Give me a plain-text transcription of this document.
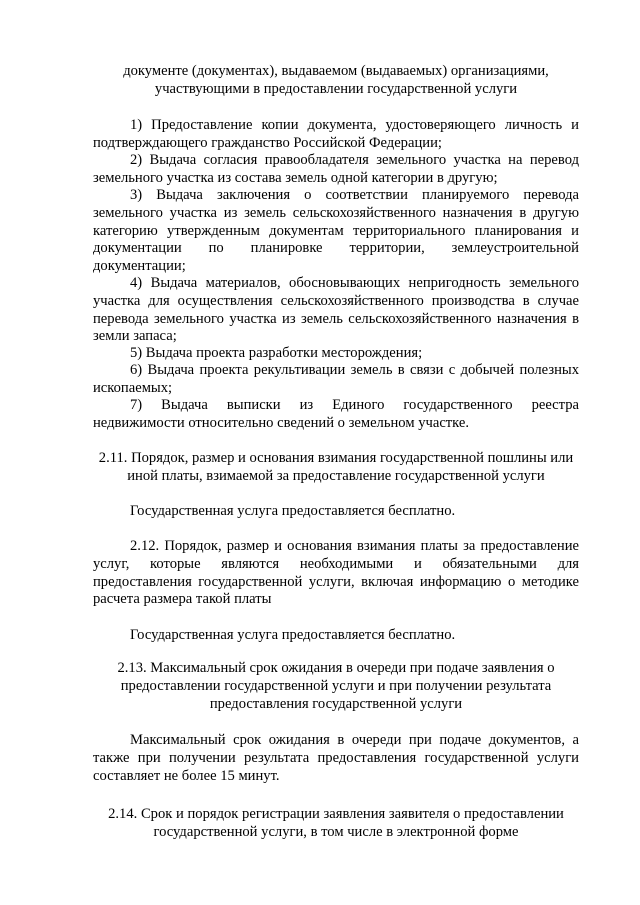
документе (документах), выдаваемом (выдаваемых) организациями, участвующими в предоставлении государственной услуги

1) Предоставление копии документа, удостоверяющего личность и подтверждающего гражданство Российской Федерации;

2) Выдача согласия правообладателя земельного участка на перевод земельного участка из состава земель одной категории в другую;

3) Выдача заключения о соответствии планируемого перевода земельного участка из земель сельскохозяйственного назначения в другую категорию утвержденным документам территориального планирования и документации по планировке территории, землеустроительной документации;

4) Выдача материалов, обосновывающих непригодность земельного участка для осуществления сельскохозяйственного производства в случае перевода земельного участка из земель сельскохозяйственного назначения в земли запаса;

5) Выдача проекта разработки месторождения;

6) Выдача проекта рекультивации земель в связи с добычей полезных ископаемых;

7) Выдача выписки из Единого государственного реестра недвижимости относительно сведений о земельном участке.

2.11. Порядок, размер и основания взимания государственной пошлины или иной платы, взимаемой за предоставление государственной услуги

Государственная услуга предоставляется бесплатно.

2.12. Порядок, размер и основания взимания платы за предоставление услуг, которые являются необходимыми и обязательными для предоставления государственной услуги, включая информацию о методике расчета размера такой платы

Государственная услуга предоставляется бесплатно.

2.13. Максимальный срок ожидания в очереди при подаче заявления о предоставлении государственной услуги и при получении результата предоставления государственной услуги

Максимальный срок ожидания в очереди при подаче документов, а также при получении результата предоставления государственной услуги составляет не более 15 минут.

2.14. Срок и порядок регистрации заявления заявителя о предоставлении государственной услуги, в том числе в электронной форме
